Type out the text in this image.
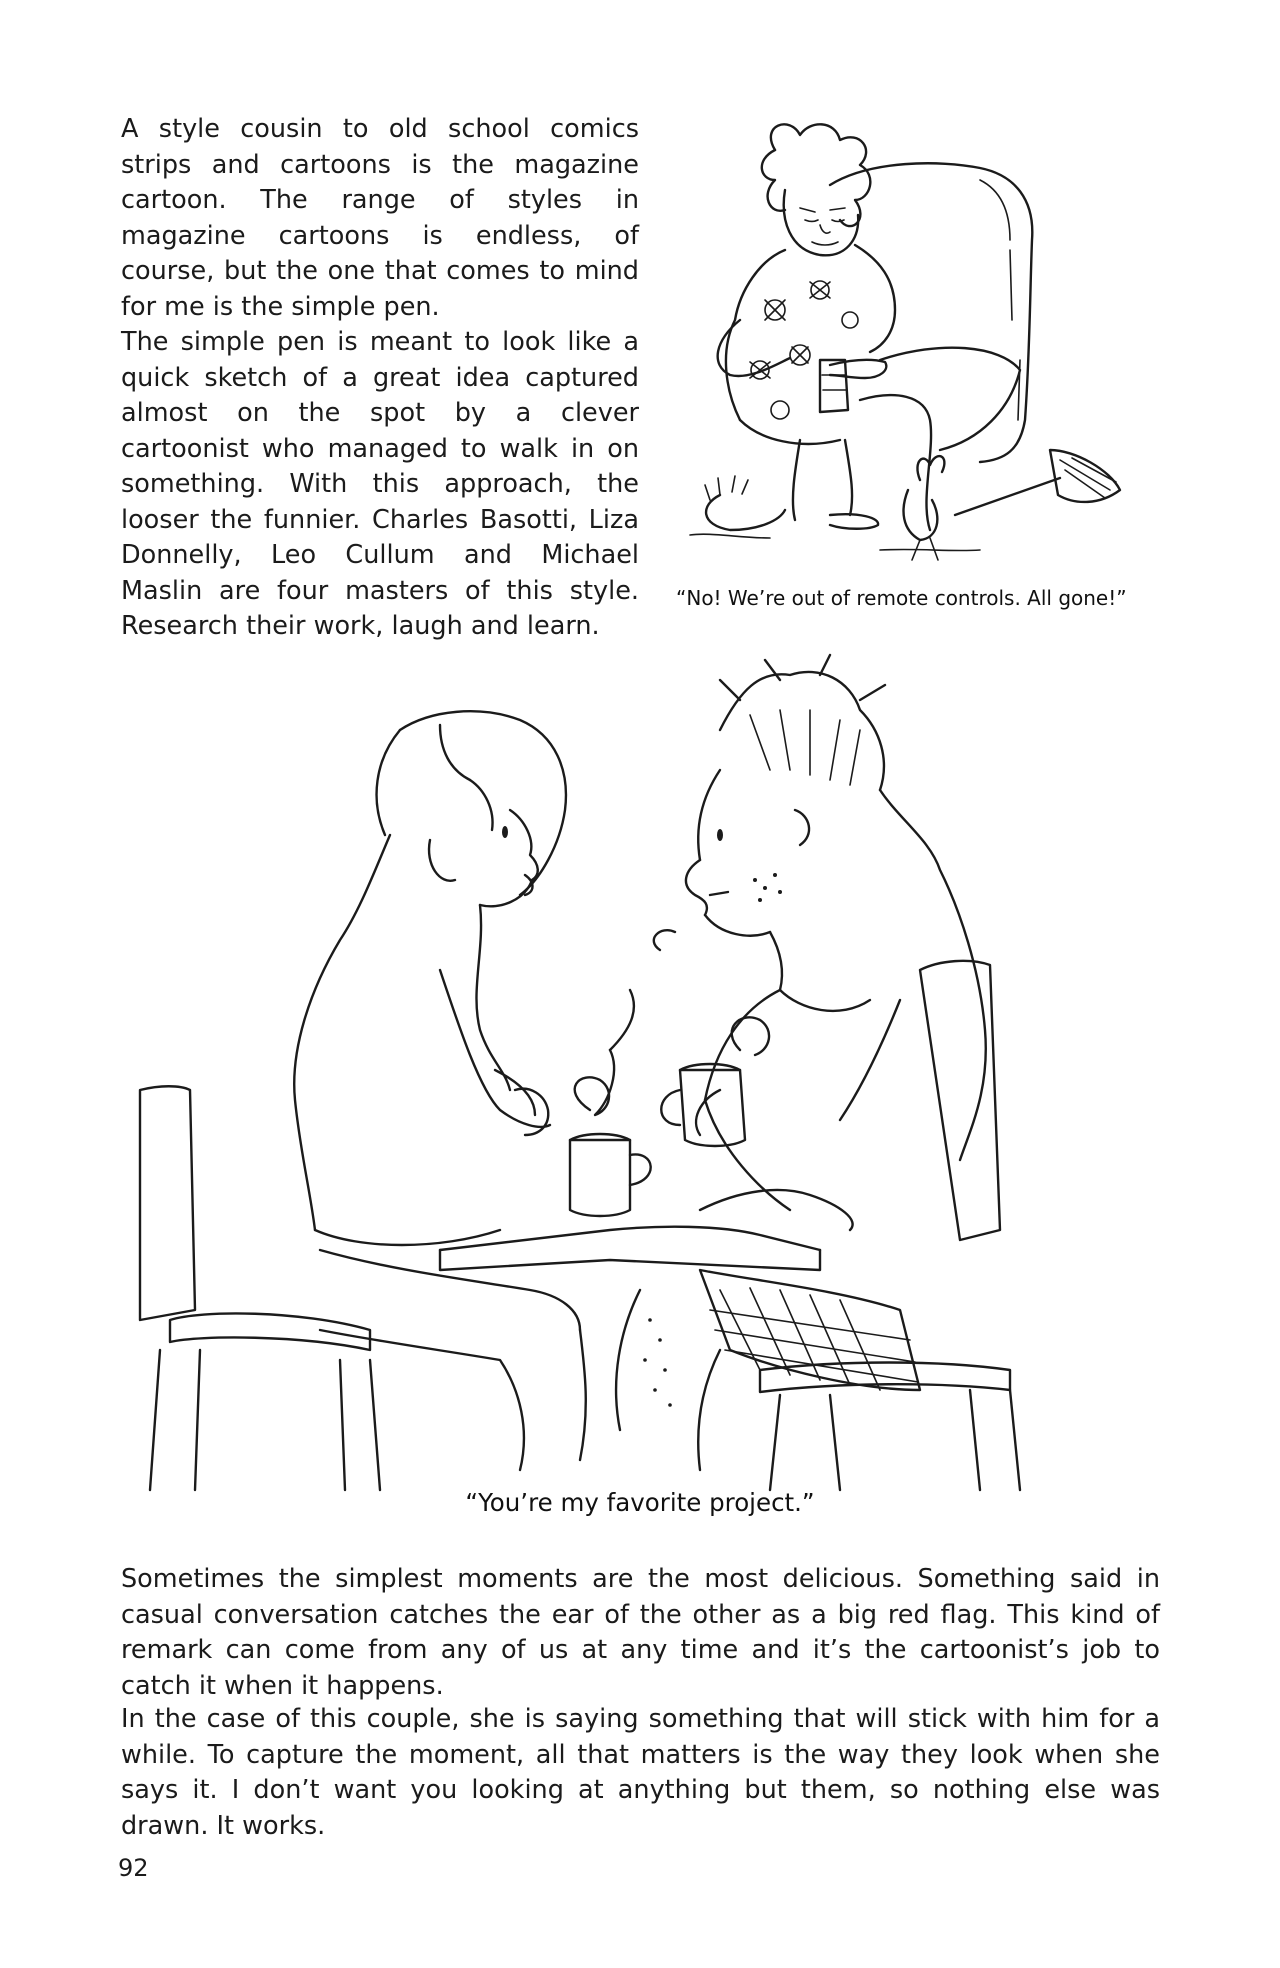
A style cousin to old school comics strips and cartoons is the magazine cartoon. The range of styles in magazine cartoons is endless, of course, but the one that comes to mind for me is the simple pen.

The simple pen is meant to look like a quick sketch of a great idea captured almost on the spot by a clever cartoonist who managed to walk in on something. With this approach, the looser the funnier. Charles Basotti, Liza Donnelly, Leo Cullum and Michael Maslin are four masters of this style. Research their work, laugh and learn.

“No! We’re out of remote controls. All gone!”

“You’re my favorite project.”

Sometimes the simplest moments are the most delicious. Something said in casual conversation catches the ear of the other as a big red flag. This kind of remark can come from any of us at any time and it’s the cartoonist’s job to catch it when it happens.

In the case of this couple, she is saying something that will stick with him for a while. To capture the moment, all that matters is the way they look when she says it. I don’t want you looking at anything but them, so nothing else was drawn. It works.

92
